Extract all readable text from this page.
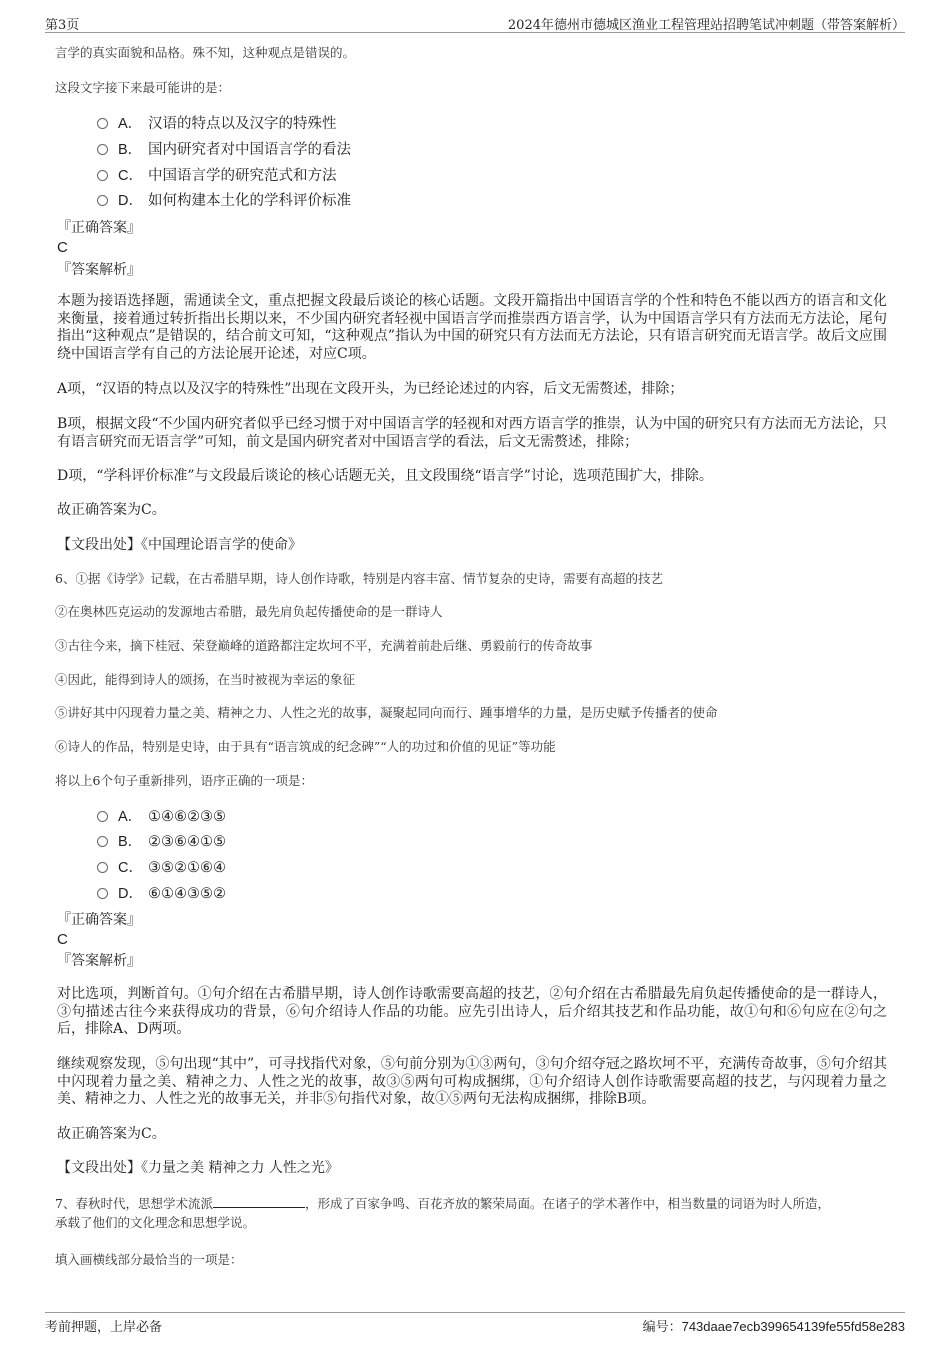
第3页	2024年德州市德城区渔业工程管理站招聘笔试冲刺题（带答案解析）
言学的真实面貌和品格。殊不知，这种观点是错误的。
这段文字接下来最可能讲的是：
A． 汉语的特点以及汉字的特殊性
B． 国内研究者对中国语言学的看法
C． 中国语言学的研究范式和方法
D． 如何构建本土化的学科评价标准
『正确答案』
C
『答案解析』
本题为接语选择题，需通读全文，重点把握文段最后谈论的核心话题。文段开篇指出中国语言学的个性和特色不能以西方的语言和文化来衡量，接着通过转折指出长期以来，不少国内研究者轻视中国语言学而推崇西方语言学，认为中国语言学只有方法而无方法论，尾句指出“这种观点”是错误的，结合前文可知，“这种观点”指认为中国的研究只有方法而无方法论，只有语言研究而无语言学。故后文应围绕中国语言学有自己的方法论展开论述，对应C项。
A项，“汉语的特点以及汉字的特殊性”出现在文段开头，为已经论述过的内容，后文无需赘述，排除；
B项，根据文段“不少国内研究者似乎已经习惯于对中国语言学的轻视和对西方语言学的推崇，认为中国的研究只有方法而无方法论，只有语言研究而无语言学”可知，前文是国内研究者对中国语言学的看法，后文无需赘述，排除；
D项，“学科评价标准”与文段最后谈论的核心话题无关，且文段围绕“语言学”讨论，选项范围扩大，排除。
故正确答案为C。
【文段出处】《中国理论语言学的使命》
6、①据《诗学》记载，在古希腊早期，诗人创作诗歌，特别是内容丰富、情节复杂的史诗，需要有高超的技艺
②在奥林匹克运动的发源地古希腊，最先肩负起传播使命的是一群诗人
③古往今来，摘下桂冠、荣登巅峰的道路都注定坎坷不平，充满着前赴后继、勇毅前行的传奇故事
④因此，能得到诗人的颂扬，在当时被视为幸运的象征
⑤讲好其中闪现着力量之美、精神之力、人性之光的故事，凝聚起同向而行、踵事增华的力量，是历史赋予传播者的使命
⑥诗人的作品，特别是史诗，由于具有“语言筑成的纪念碑”“人的功过和价值的见证”等功能
将以上6个句子重新排列，语序正确的一项是：
A． ①④⑥②③⑤
B． ②③⑥④①⑤
C． ③⑤②①⑥④
D． ⑥①④③⑤②
『正确答案』
C
『答案解析』
对比选项，判断首句。①句介绍在古希腊早期，诗人创作诗歌需要高超的技艺，②句介绍在古希腊最先肩负起传播使命的是一群诗人，③句描述古往今来获得成功的背景，⑥句介绍诗人作品的功能。应先引出诗人，后介绍其技艺和作品功能，故①句和⑥句应在②句之后，排除A、D两项。
继续观察发现，⑤句出现“其中”，可寻找指代对象，⑤句前分别为①③两句，③句介绍夺冠之路坎坷不平，充满传奇故事，⑤句介绍其中闪现着力量之美、精神之力、人性之光的故事，故③⑤两句可构成捆绑，①句介绍诗人创作诗歌需要高超的技艺，与闪现着力量之美、精神之力、人性之光的故事无关，并非⑤句指代对象，故①⑤两句无法构成捆绑，排除B项。
故正确答案为C。
【文段出处】《力量之美 精神之力 人性之光》
7、春秋时代，思想学术流派	，形成了百家争鸣、百花齐放的繁荣局面。在诸子的学术著作中，相当数量的词语为时人所造，
承载了他们的文化理念和思想学说。
填入画横线部分最恰当的一项是：
考前押题，上岸必备	编号：743daae7ecb399654139fe55fd58e283
